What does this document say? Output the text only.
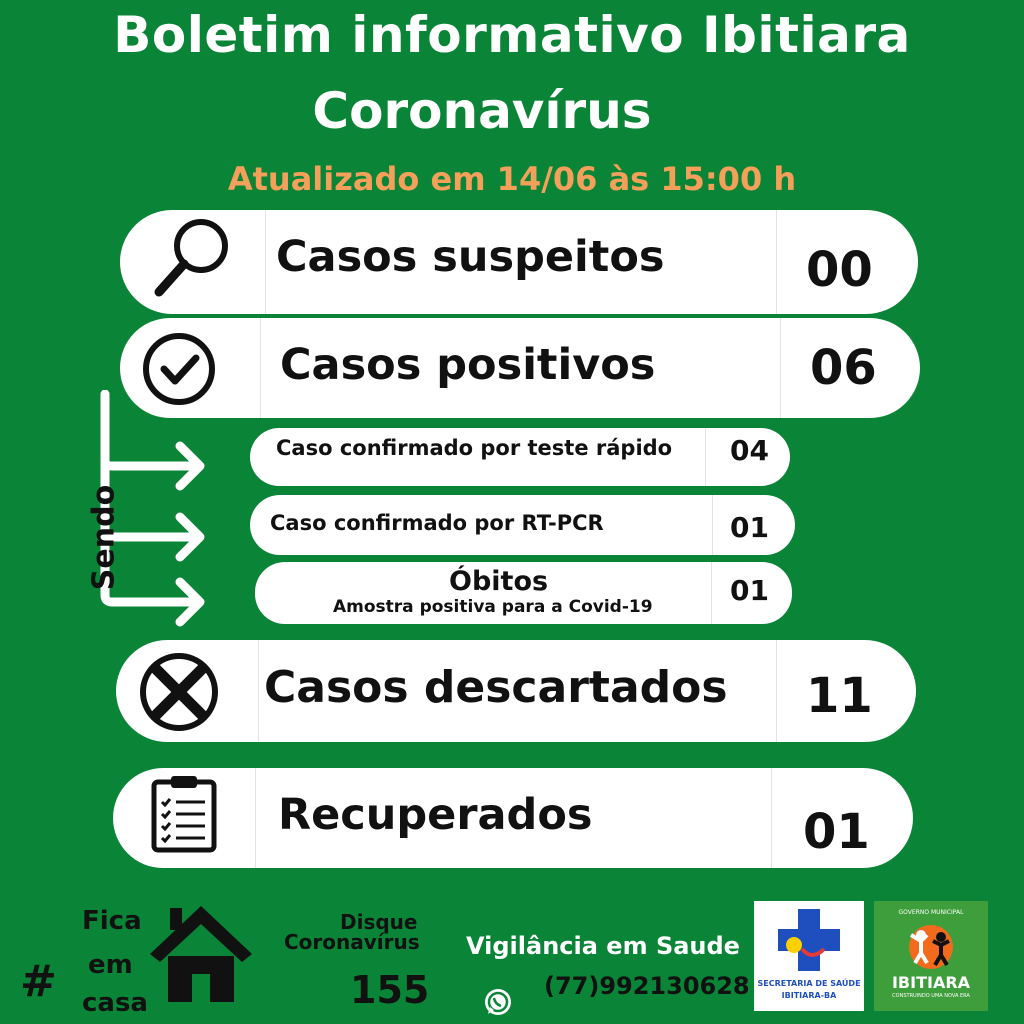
Boletim informativo Ibitiara
Coronavírus
Atualizado em 14/06 às 15:00 h
Casos suspeitos	00
Casos positivos	06
Sendo
Caso confirmado por teste rápido 04
Caso confirmado por RT-PCR	01
Óbitos
Amostra positiva para a Covid-19	01
Casos descartados 11
Recuperados	01
#
Fica
em
casa
Disque
Coronavírus
155
Vigilância em Saude
(77)992130628 SECRETARIA DE SAÚDE
IBITIARA-BA
GOVERNO MUNICIPAL
IBITIARA
CONSTRUINDO UMA NOVA ERA
